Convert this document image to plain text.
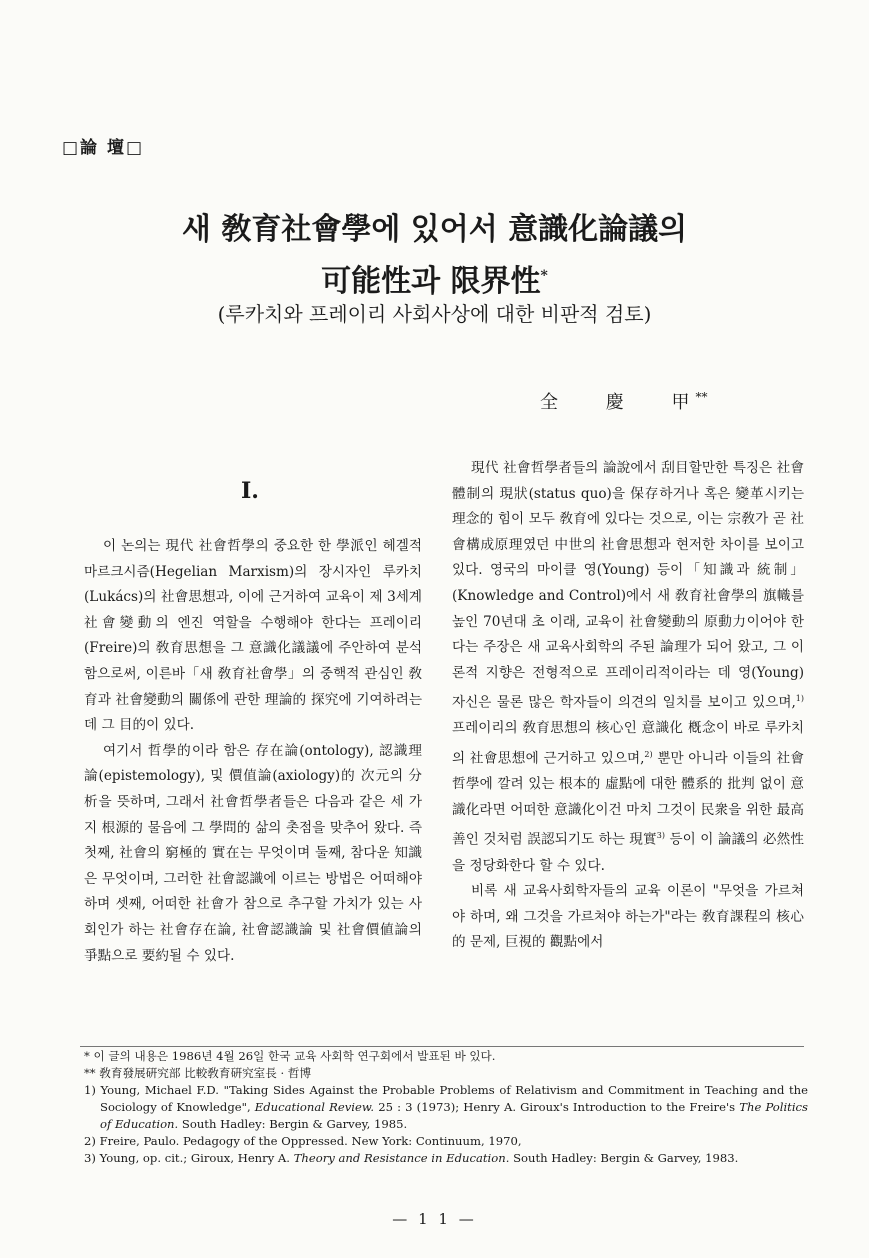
□論 壇□
새 敎育社會學에 있어서 意識化論議의
可能性과 限界性*
(루카치와 프레이리 사회사상에 대한 비판적 검토)
全 慶 甲**
I.

이 논의는 現代 社會哲學의 중요한 한 學派인 헤겔적 마르크시즘(Hegelian Marxism)의 장시자인 루카치(Lukács)의 社會思想과, 이에 근거하여 교육이 제 3세계 社會變動의 엔진 역할을 수행해야 한다는 프레이리(Freire)의 敎育思想을 그 意識化議議에 주안하여 분석함으로써, 이른바「새 敎育社會學」의 중핵적 관심인 敎育과 社會變動의 關係에 관한 理論的 探究에 기여하려는 데 그 目的이 있다.

여기서 哲學的이라 함은 存在論(ontology), 認識理論(epistemology), 및 價值論(axiology)的 次元의 分析을 뜻하며, 그래서 社會哲學者들은 다음과 같은 세 가지 根源的 물음에 그 學問的 삶의 촛점을 맞추어 왔다. 즉 첫째, 社會의 窮極的 實在는 무엇이며 둘째, 참다운 知識은 무엇이며, 그러한 社會認識에 이르는 방법은 어떠해야 하며 셋째, 어떠한 社會가 참으로 추구할 가치가 있는 사회인가 하는 社會存在論, 社會認識論 및 社會價値論의 爭點으로 要約될 수 있다.

現代 社會哲學者들의 論說에서 刮目할만한 특징은 社會體制의 現狀(status quo)을 保存하거나 혹은 變革시키는 理念的 힘이 모두 敎育에 있다는 것으로, 이는 宗敎가 곧 社會構成原理였던 中世의 社會思想과 현저한 차이를 보이고 있다. 영국의 마이클 영(Young) 등이「知識과 統制」(Knowledge and Control)에서 새 敎育社會學의 旗幟를 높인 70년대 초 이래, 교육이 社會變動의 原動力이어야 한다는 주장은 새 교육사회학의 주된 論理가 되어 왔고, 그 이론적 지향은 전형적으로 프레이리적이라는 데 영(Young) 자신은 물론 많은 학자들이 의견의 일치를 보이고 있으며,$^{1)}$ 프레이리의 敎育思想의 核心인 意識化 槪念이 바로 루카치의 社會思想에 근거하고 있으며,$^{2)}$ 뿐만 아니라 이들의 社會哲學에 깔려 있는 根本的 虛點에 대한 體系的 批判 없이 意識化라면 어떠한 意識化이건 마치 그것이 民衆을 위한 最高善인 것처럼 誤認되기도 하는 現實$^{3)}$ 등이 이 論議의 必然性을 정당화한다 할 수 있다.

비록 새 교육사회학자들의 교육 이론이 "무엇을 가르쳐야 하며, 왜 그것을 가르쳐야 하는가"라는 敎育課程의 核心的 문제, 巨視的 觀點에서

* 이 글의 내용은 1986년 4월 26일 한국 교육 사회학 연구회에서 발표된 바 있다.

** 敎育發展硏究部 比較敎育硏究室長 · 哲博

1) Young, Michael F.D. "Taking Sides Against the Probable Problems of Relativism and Commitment in Teaching and the Sociology of Knowledge", Educational Review. 25 : 3 (1973); Henry A. Giroux's Introduction to the Freire's The Politics of Education. South Hadley: Bergin & Garvey, 1985.

2) Freire, Paulo. Pedagogy of the Oppressed. New York: Continuum, 1970,

3) Young, op. cit.; Giroux, Henry A. Theory and Resistance in Education. South Hadley: Bergin & Garvey, 1983.

— 1 1 —
